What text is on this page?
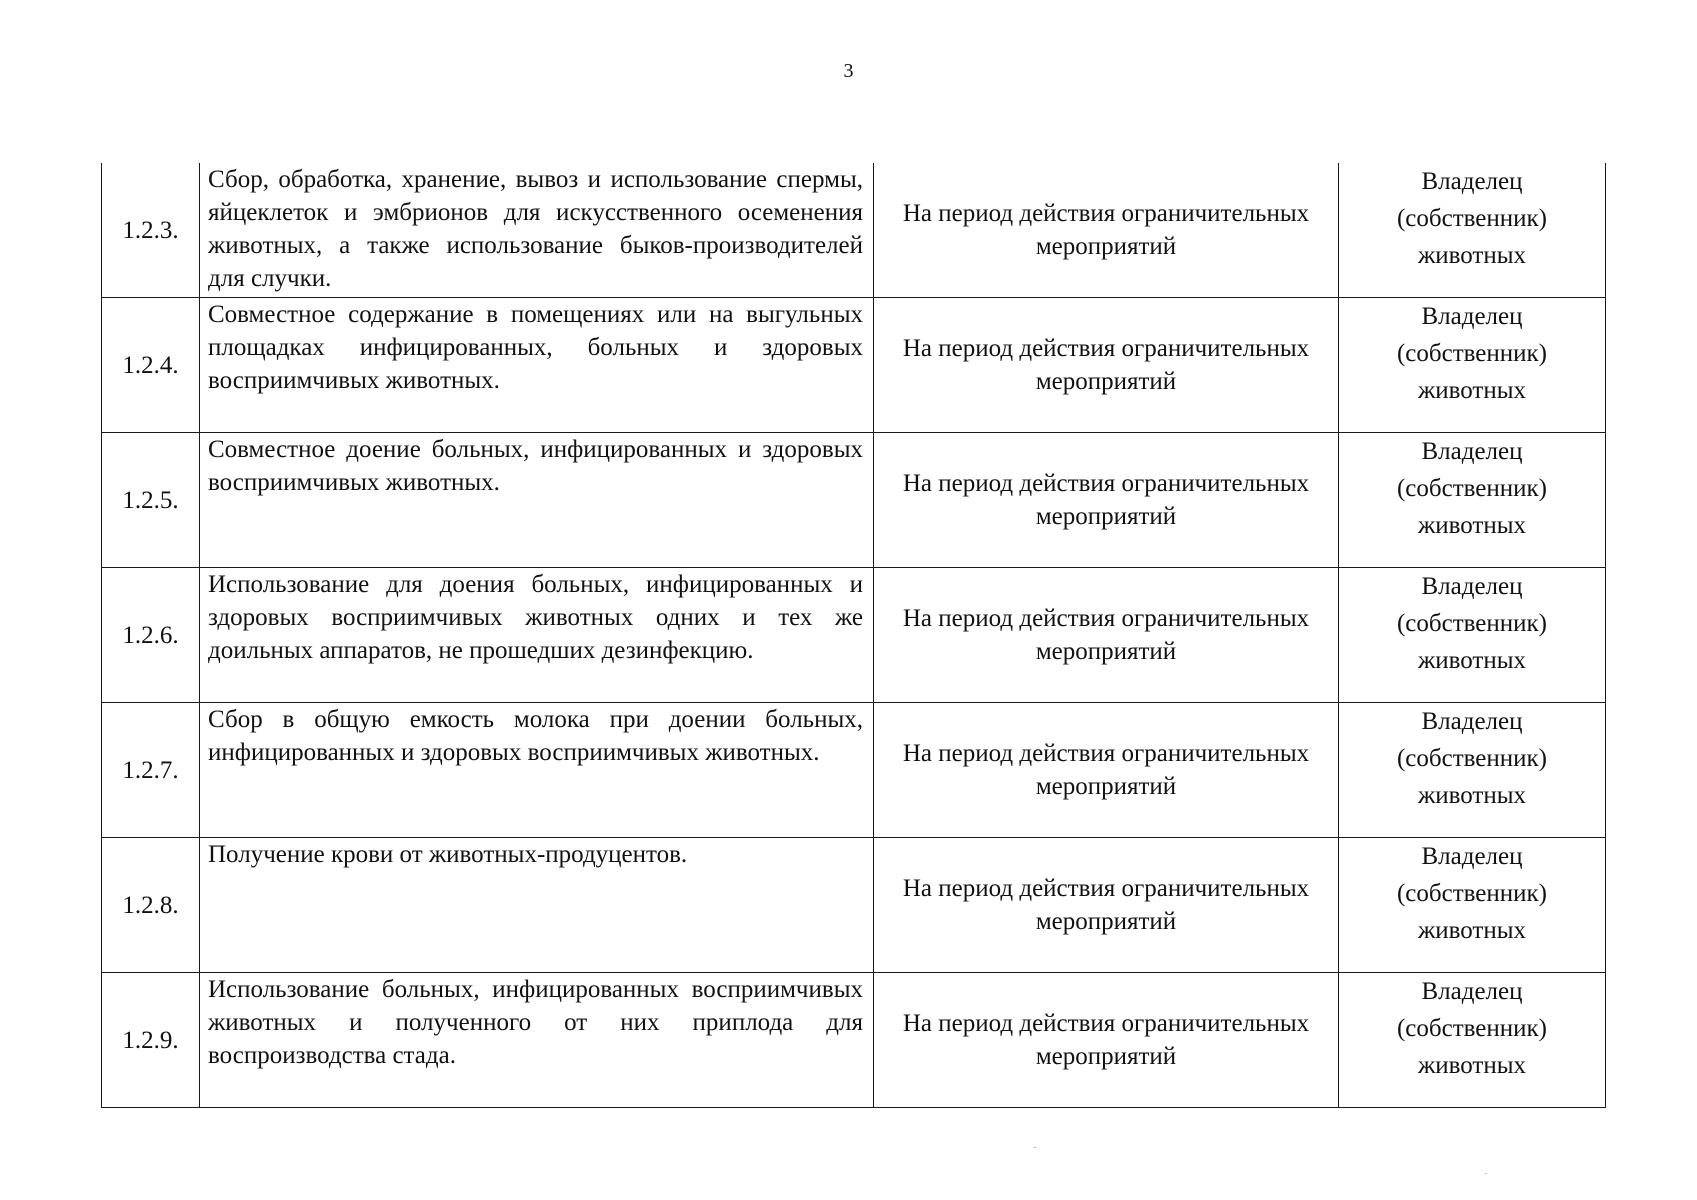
3
1.2.3.	Сбор, обработка, хранение, вывоз и использование спермы, яйцеклеток и эмбрионов для искусственного осеменения животных, а также использование быков-производителей для случки.	На период действия ограничительных мероприятий	Владелец
(собственник)
животных

1.2.4.	Совместное содержание в помещениях или на выгульных площадках инфицированных, больных и здоровых восприимчивых животных.	На период действия ограничительных мероприятий	Владелец
(собственник)
животных

1.2.5.	Совместное доение больных, инфицированных и здоровых восприимчивых животных.	На период действия ограничительных мероприятий	Владелец
(собственник)
животных

1.2.6.	Использование для доения больных, инфицированных и здоровых восприимчивых животных одних и тех же доильных аппаратов, не прошедших дезинфекцию.	На период действия ограничительных мероприятий	Владелец
(собственник)
животных

1.2.7.	Сбор в общую емкость молока при доении больных, инфицированных и здоровых восприимчивых животных.	На период действия ограничительных мероприятий	Владелец
(собственник)
животных

1.2.8.	Получение крови от животных-продуцентов.	На период действия ограничительных мероприятий	Владелец
(собственник)
животных

1.2.9.	Использование больных, инфицированных восприимчивых животных и полученного от них приплода для воспроизводства стада.	На период действия ограничительных мероприятий	Владелец
(собственник)
животных
